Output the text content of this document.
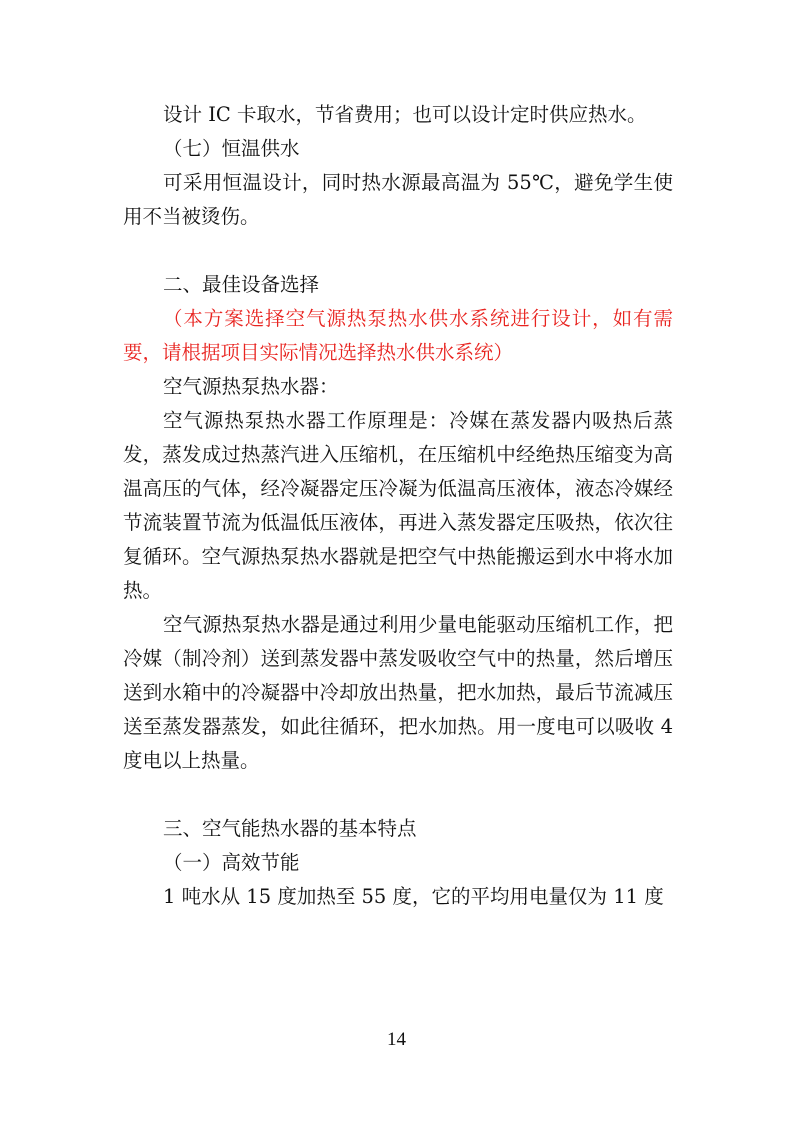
设计 IC 卡取水，节省费用；也可以设计定时供应热水。

（七）恒温供水

可采用恒温设计，同时热水源最高温为 55℃，避免学生使用不当被烫伤。

二、最佳设备选择

（本方案选择空气源热泵热水供水系统进行设计，如有需要，请根据项目实际情况选择热水供水系统）

空气源热泵热水器：

空气源热泵热水器工作原理是：冷媒在蒸发器内吸热后蒸发，蒸发成过热蒸汽进入压缩机，在压缩机中经绝热压缩变为高温高压的气体，经冷凝器定压冷凝为低温高压液体，液态冷媒经节流装置节流为低温低压液体，再进入蒸发器定压吸热，依次往复循环。空气源热泵热水器就是把空气中热能搬运到水中将水加热。

空气源热泵热水器是通过利用少量电能驱动压缩机工作，把冷媒（制冷剂）送到蒸发器中蒸发吸收空气中的热量，然后增压送到水箱中的冷凝器中冷却放出热量，把水加热，最后节流减压送至蒸发器蒸发，如此往循环，把水加热。用一度电可以吸收 4 度电以上热量。

三、空气能热水器的基本特点

（一）高效节能

1 吨水从 15 度加热至 55 度，它的平均用电量仅为 11 度

14
